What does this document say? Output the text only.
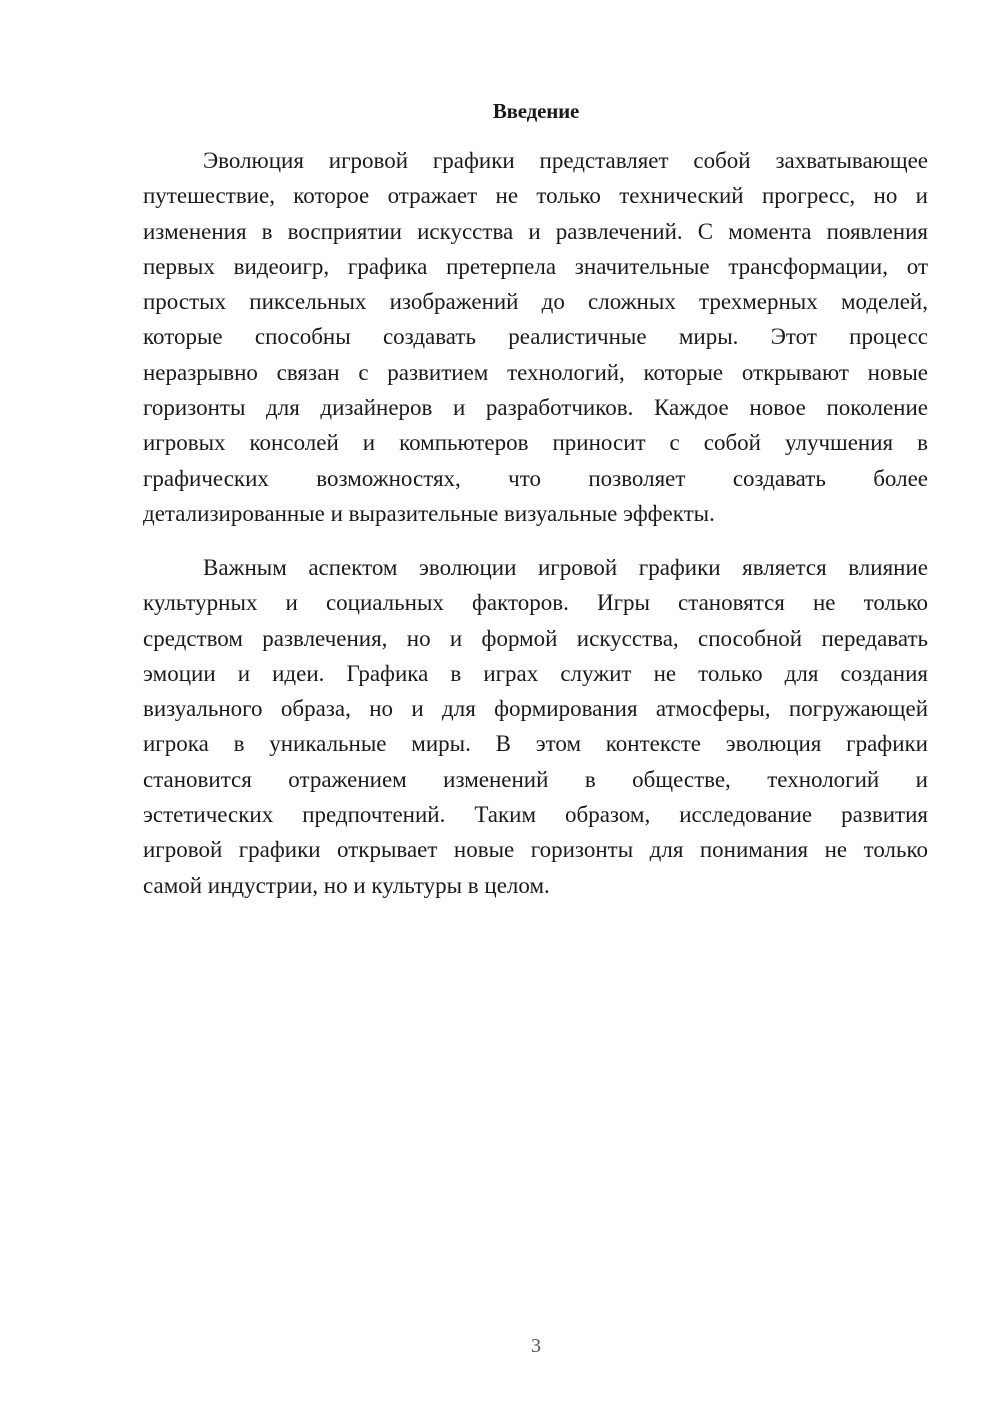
Введение
Эволюция игровой графики представляет собой захватывающее
путешествие, которое отражает не только технический прогресс, но и
изменения в восприятии искусства и развлечений. С момента появления
первых видеоигр, графика претерпела значительные трансформации, от
простых пиксельных изображений до сложных трехмерных моделей,
которые способны создавать реалистичные миры. Этот процесс
неразрывно связан с развитием технологий, которые открывают новые
горизонты для дизайнеров и разработчиков. Каждое новое поколение
игровых консолей и компьютеров приносит с собой улучшения в
графических возможностях, что позволяет создавать более
детализированные и выразительные визуальные эффекты.
Важным аспектом эволюции игровой графики является влияние
культурных и социальных факторов. Игры становятся не только
средством развлечения, но и формой искусства, способной передавать
эмоции и идеи. Графика в играх служит не только для создания
визуального образа, но и для формирования атмосферы, погружающей
игрока в уникальные миры. В этом контексте эволюция графики
становится отражением изменений в обществе, технологий и
эстетических предпочтений. Таким образом, исследование развития
игровой графики открывает новые горизонты для понимания не только
самой индустрии, но и культуры в целом.
3
